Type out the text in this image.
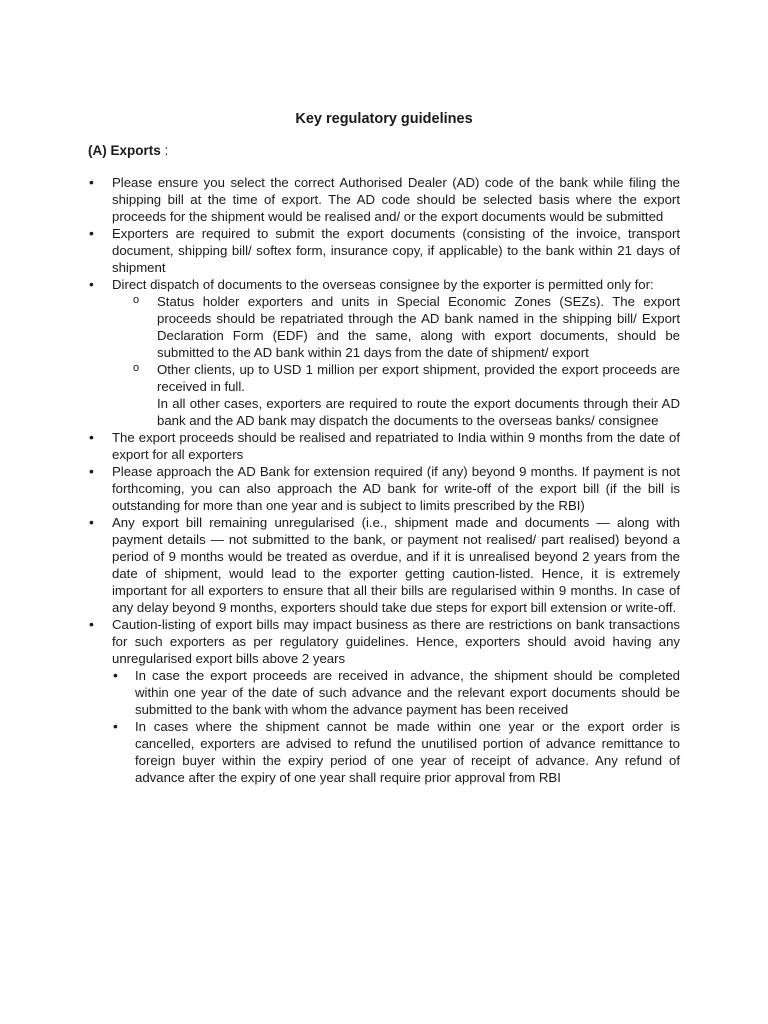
Key regulatory guidelines
(A) Exports :
• Please ensure you select the correct Authorised Dealer (AD) code of the bank while filing the shipping bill at the time of export. The AD code should be selected basis where the export proceeds for the shipment would be realised and/ or the export documents would be submitted
• Exporters are required to submit the export documents (consisting of the invoice, transport document, shipping bill/ softex form, insurance copy, if applicable) to the bank within 21 days of shipment
• Direct dispatch of documents to the overseas consignee by the exporter is permitted only for:
o Status holder exporters and units in Special Economic Zones (SEZs). The export proceeds should be repatriated through the AD bank named in the shipping bill/ Export Declaration Form (EDF) and the same, along with export documents, should be submitted to the AD bank within 21 days from the date of shipment/ export
o Other clients, up to USD 1 million per export shipment, provided the export proceeds are received in full.
In all other cases, exporters are required to route the export documents through their AD bank and the AD bank may dispatch the documents to the overseas banks/ consignee
• The export proceeds should be realised and repatriated to India within 9 months from the date of export for all exporters
• Please approach the AD Bank for extension required (if any) beyond 9 months. If payment is not forthcoming, you can also approach the AD bank for write-off of the export bill (if the bill is outstanding for more than one year and is subject to limits prescribed by the RBI)
• Any export bill remaining unregularised (i.e., shipment made and documents — along with payment details — not submitted to the bank, or payment not realised/ part realised) beyond a period of 9 months would be treated as overdue, and if it is unrealised beyond 2 years from the date of shipment, would lead to the exporter getting caution-listed. Hence, it is extremely important for all exporters to ensure that all their bills are regularised within 9 months. In case of any delay beyond 9 months, exporters should take due steps for export bill extension or write-off.
• Caution-listing of export bills may impact business as there are restrictions on bank transactions for such exporters as per regulatory guidelines. Hence, exporters should avoid having any unregularised export bills above 2 years
• In case the export proceeds are received in advance, the shipment should be completed within one year of the date of such advance and the relevant export documents should be submitted to the bank with whom the advance payment has been received
• In cases where the shipment cannot be made within one year or the export order is cancelled, exporters are advised to refund the unutilised portion of advance remittance to foreign buyer within the expiry period of one year of receipt of advance. Any refund of advance after the expiry of one year shall require prior approval from RBI
